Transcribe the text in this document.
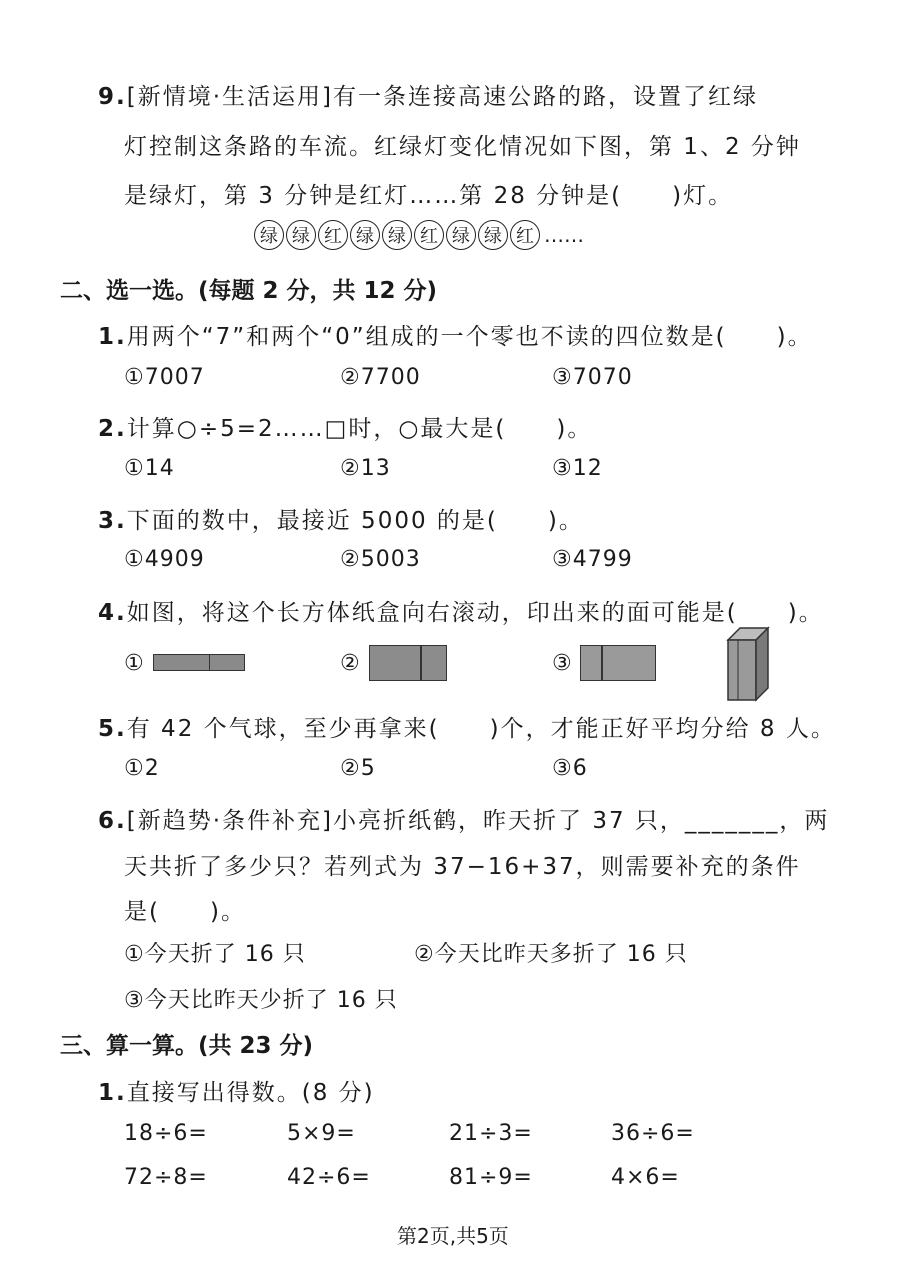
9.[新情境·生活运用]有一条连接高速公路的路，设置了红绿
灯控制这条路的车流。红绿灯变化情况如下图，第 1、2 分钟
是绿灯，第 3 分钟是红灯……第 28 分钟是(　　)灯。
绿 绿 红 绿 绿 红 绿 绿 红 ……
二、选一选。(每题 2 分，共 12 分)
1.用两个“7”和两个“0”组成的一个零也不读的四位数是(　　)。
①7007	②7700	③7070
2.计算○÷5=2……□时，○最大是(　　)。
①14	②13	③12
3.下面的数中，最接近 5000 的是(　　)。
①4909	②5003	③4799
4.如图，将这个长方体纸盒向右滚动，印出来的面可能是(　　)。
①	②	③
5.有 42 个气球，至少再拿来(　　)个，才能正好平均分给 8 人。
①2	②5	③6
6.[新趋势·条件补充]小亮折纸鹤，昨天折了 37 只，_______，两
天共折了多少只？若列式为 37−16+37，则需要补充的条件
是(　　)。
①今天折了 16 只	②今天比昨天多折了 16 只
③今天比昨天少折了 16 只
三、算一算。(共 23 分)
1.直接写出得数。(8 分)
18÷6=	5×9=	21÷3=	36÷6=
72÷8=	42÷6=	81÷9=	4×6=
第2页,共5页
